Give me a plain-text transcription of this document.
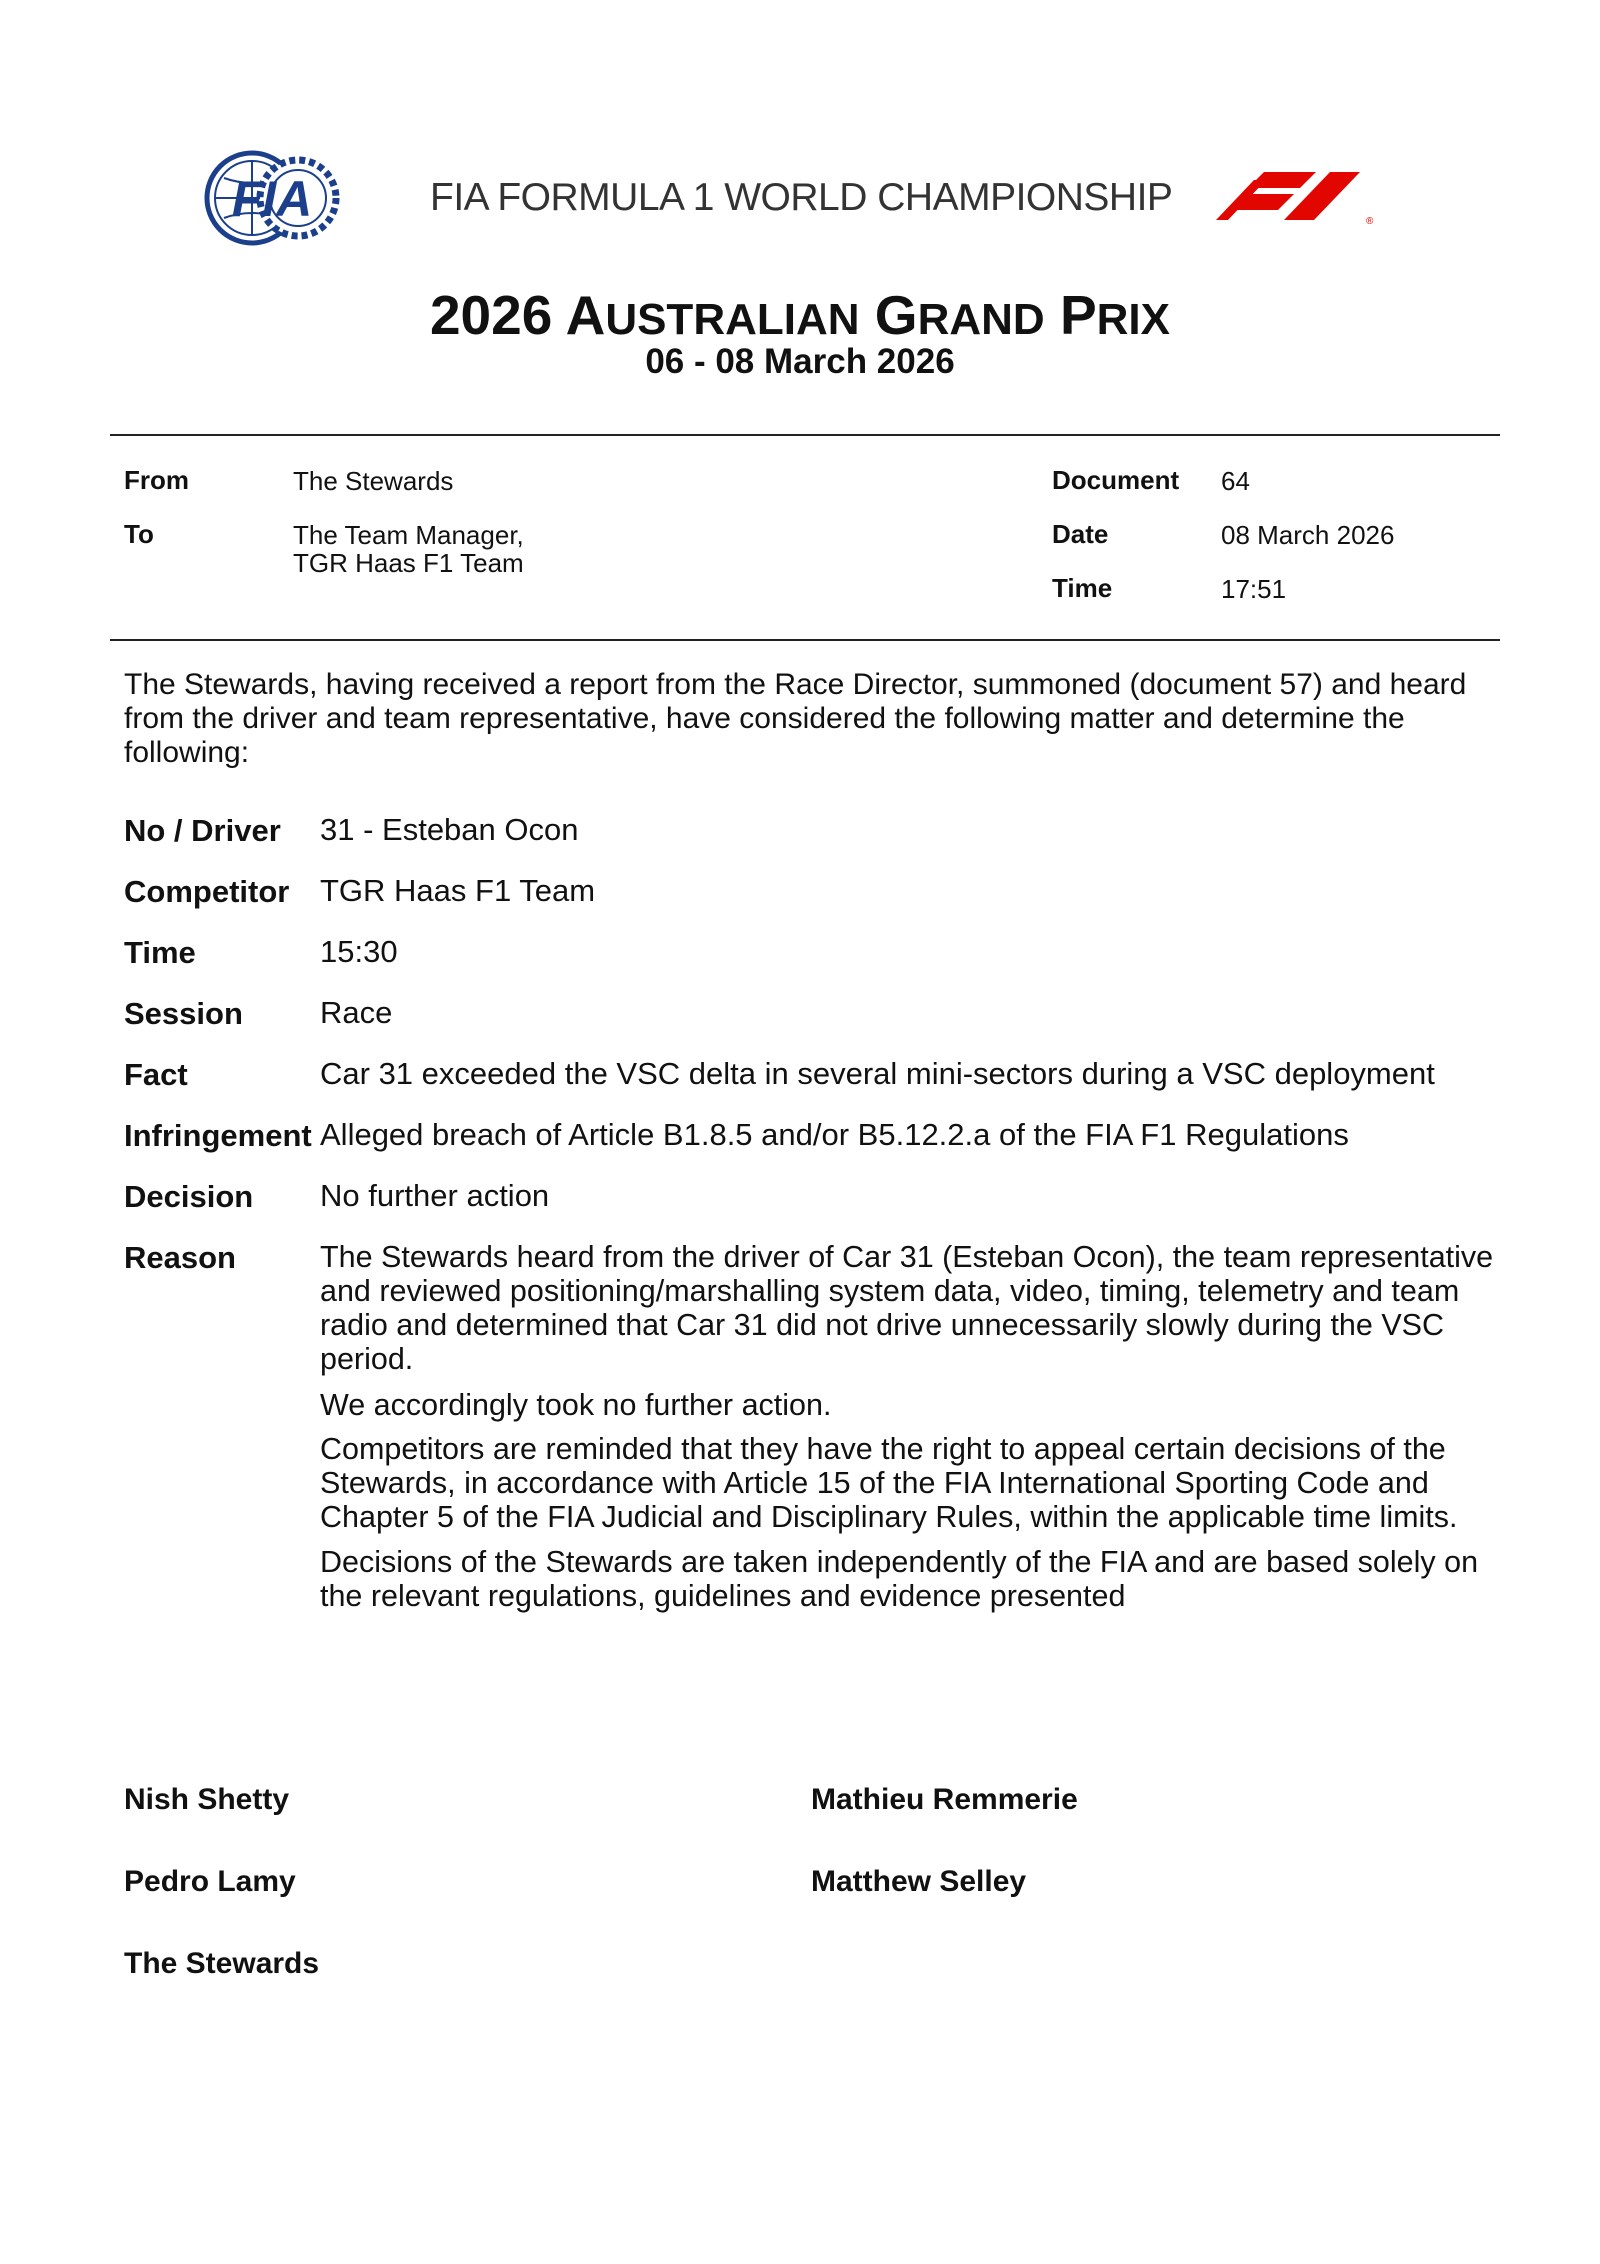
FIA	FIA FORMULA 1 WORLD CHAMPIONSHIP
®
F1
2026 AUSTRALIAN GRAND PRIX
06 - 08 March 2026
From	The Stewards
To	The Team Manager,
TGR Haas F1 Team
Document 64
Date	08 March 2026
Time	17:51
The Stewards, having received a report from the Race Director, summoned (document 57) and heard from the driver and team representative, have considered the following matter and determine the following:
No / Driver 31 - Esteban Ocon
Competitor TGR Haas F1 Team
Time	15:30
Session Race
Fact	Car 31 exceeded the VSC delta in several mini-sectors during a VSC deployment
Infringement Alleged breach of Article B1.8.5 and/or B5.12.2.a of the FIA F1 Regulations
Decision No further action
Reason	The Stewards heard from the driver of Car 31 (Esteban Ocon), the team representative and reviewed positioning/marshalling system data, video, timing, telemetry and team radio and determined that Car 31 did not drive unnecessarily slowly during the VSC period.
We accordingly took no further action.
Competitors are reminded that they have the right to appeal certain decisions of the Stewards, in accordance with Article 15 of the FIA International Sporting Code and Chapter 5 of the FIA Judicial and Disciplinary Rules, within the applicable time limits.
Decisions of the Stewards are taken independently of the FIA and are based solely on the relevant regulations, guidelines and evidence presented
Nish Shetty	Mathieu Remmerie
Pedro Lamy	Matthew Selley
The Stewards
